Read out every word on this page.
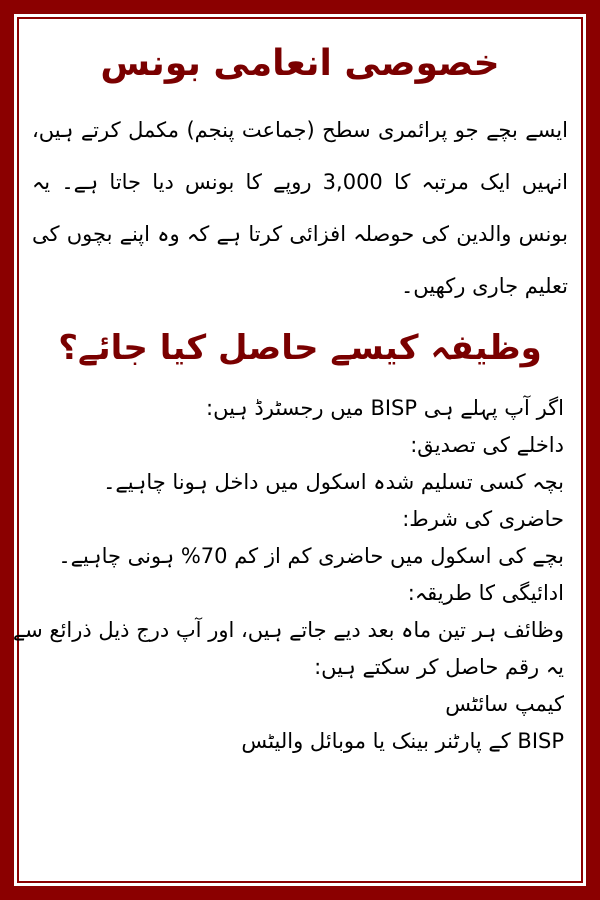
خصوصی انعامی بونس

ایسے بچے جو پرائمری سطح (جماعت پنجم) مکمل کرتے ہیں، انہیں ایک مرتبہ کا 3,000 روپے کا بونس دیا جاتا ہے۔ یہ بونس والدین کی حوصلہ افزائی کرتا ہے کہ وہ اپنے بچوں کی تعلیم جاری رکھیں۔

وظیفہ کیسے حاصل کیا جائے؟
اگر آپ پہلے ہی BISP میں رجسٹرڈ ہیں:
داخلے کی تصدیق:
بچہ کسی تسلیم شدہ اسکول میں داخل ہونا چاہیے۔
حاضری کی شرط:
بچے کی اسکول میں حاضری کم از کم 70% ہونی چاہیے۔
ادائیگی کا طریقہ:
وظائف ہر تین ماہ بعد دیے جاتے ہیں، اور آپ درج ذیل ذرائع سے
یہ رقم حاصل کر سکتے ہیں:
کیمپ سائٹس
BISP کے پارٹنر بینک یا موبائل والیٹس
